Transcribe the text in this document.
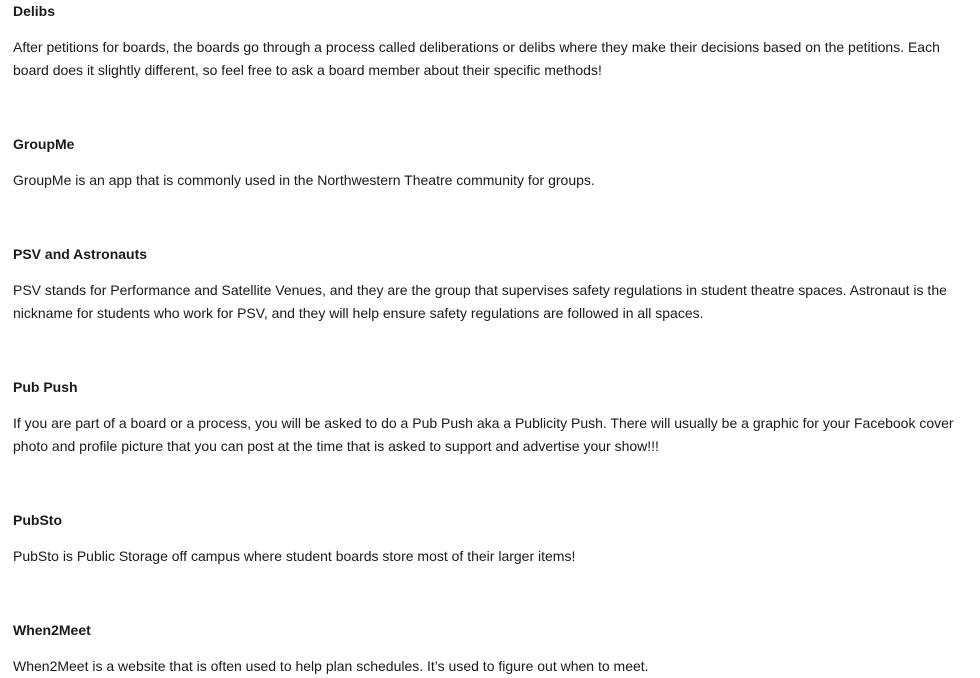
Delibs

After petitions for boards, the boards go through a process called deliberations or delibs where they make their decisions based on the petitions. Each board does it slightly different, so feel free to ask a board member about their specific methods!

GroupMe

GroupMe is an app that is commonly used in the Northwestern Theatre community for groups.

PSV and Astronauts

PSV stands for Performance and Satellite Venues, and they are the group that supervises safety regulations in student theatre spaces. Astronaut is the nickname for students who work for PSV, and they will help ensure safety regulations are followed in all spaces.

Pub Push

If you are part of a board or a process, you will be asked to do a Pub Push aka a Publicity Push. There will usually be a graphic for your Facebook cover photo and profile picture that you can post at the time that is asked to support and advertise your show!!!

PubSto

PubSto is Public Storage off campus where student boards store most of their larger items!

When2Meet

When2Meet is a website that is often used to help plan schedules. It’s used to figure out when to meet.
